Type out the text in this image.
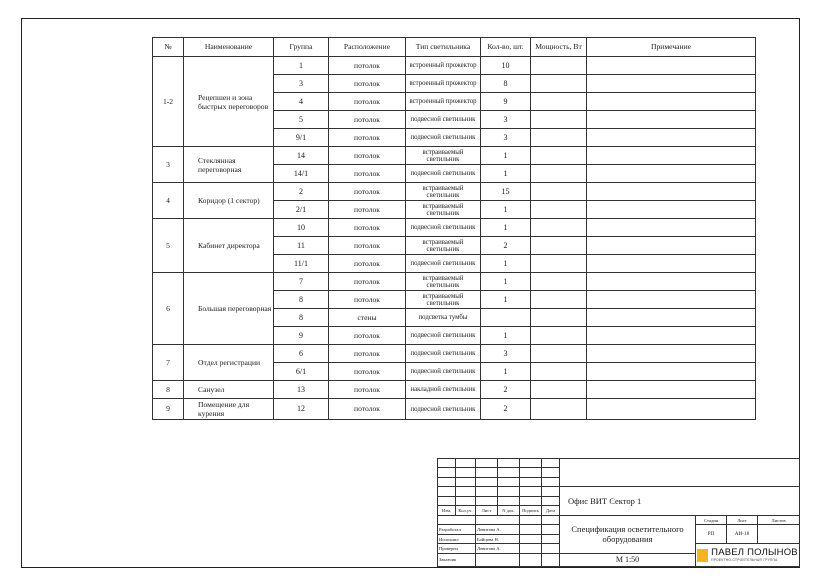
№	Наименование	Группа	Расположение	Тип светильника	Кол-во, шт.	Мощность, Вт	Примечание
1-2	Рецепшен и зона быстрых переговоров	1	потолок	встроенный прожектор	10		
		3	потолок	встроенный прожектор	8		
		4	потолок	встроенный прожектор	9		
		5	потолок	подвесной светильник	3		
		9/1	потолок	подвесной светильник	3		
3	Стеклянная переговорная	14	потолок	встраиваемый светильник	1		
		14/1	потолок	подвесной светильник	1		
4	Коридор (1 сектор)	2	потолок	встраиваемый светильник	15		
		2/1	потолок	встраиваемый светильник	1		
5	Кабинет директора	10	потолок	подвесной светильник	1		
		11	потолок	встраиваемый светильник	2		
		11/1	потолок	подвесной светильник	1		
6	Большая переговорная	7	потолок	встраиваемый светильник	1		
		8	потолок	встраиваемый светильник	1		
		8	стены	подсветка тумбы			
		9	потолок	подвесной светильник	1		
7	Отдел регистрации	6	потолок	подвесной светильник	3		
		6/1	потолок	подвесной светильник	1		
8	Санузел	13	потолок	накладной светильник	2		
9	Помещение для курения	12	потолок	подвесной светильник	2		

						Офис ВИТ Сектор 1			

Изм.	Кол.уч.	Лист	N док.	Подпись	Дата				
						Спецификация осветительного оборудования	Стадия	Лист	Листов
Разработал		Левитова А.					РП	АИ-18	
Исполнил		Бойцова Н.							
Проверил		Левитова А.					ПАВЕЛ ПОЛЫНОВ
ПРОЕКТНО-СТРОИТЕЛЬНАЯ ГРУППА		

Заказчик						М 1:50			
